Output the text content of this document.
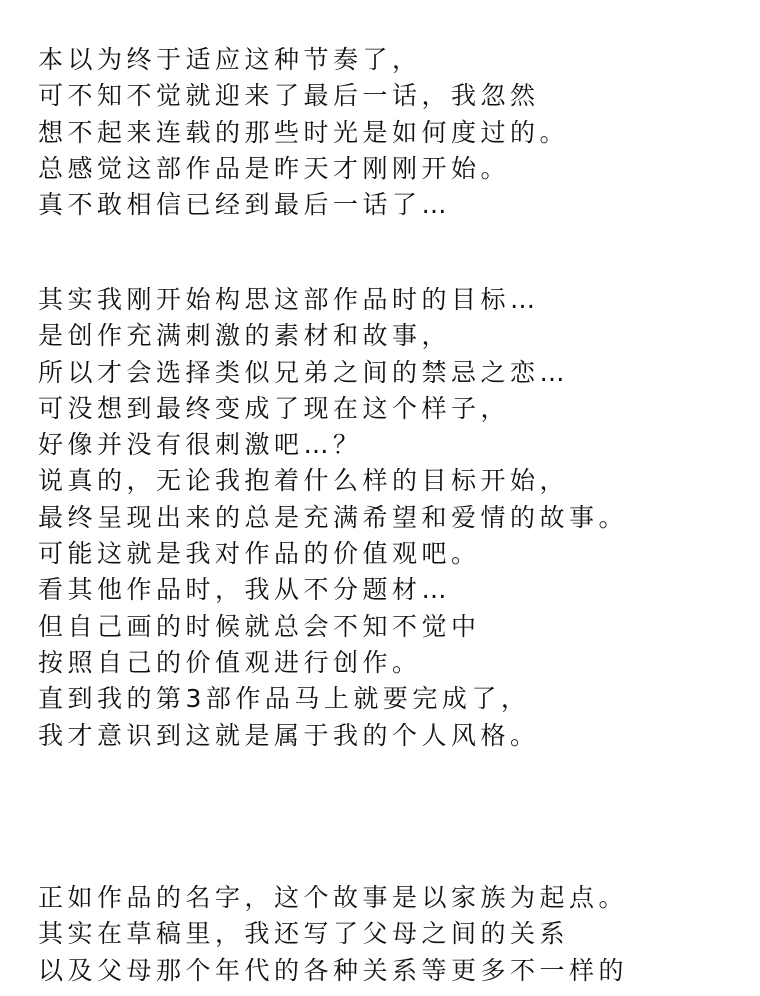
本以为终于适应这种节奏了，
可不知不觉就迎来了最后一话，我忽然
想不起来连载的那些时光是如何度过的。
总感觉这部作品是昨天才刚刚开始。
真不敢相信已经到最后一话了…
其实我刚开始构思这部作品时的目标…
是创作充满刺激的素材和故事，
所以才会选择类似兄弟之间的禁忌之恋…
可没想到最终变成了现在这个样子，
好像并没有很刺激吧…？
说真的，无论我抱着什么样的目标开始，
最终呈现出来的总是充满希望和爱情的故事。
可能这就是我对作品的价值观吧。
看其他作品时，我从不分题材…
但自己画的时候就总会不知不觉中
按照自己的价值观进行创作。
直到我的第3部作品马上就要完成了，
我才意识到这就是属于我的个人风格。
正如作品的名字，这个故事是以家族为起点。
其实在草稿里，我还写了父母之间的关系
以及父母那个年代的各种关系等更多不一样的
